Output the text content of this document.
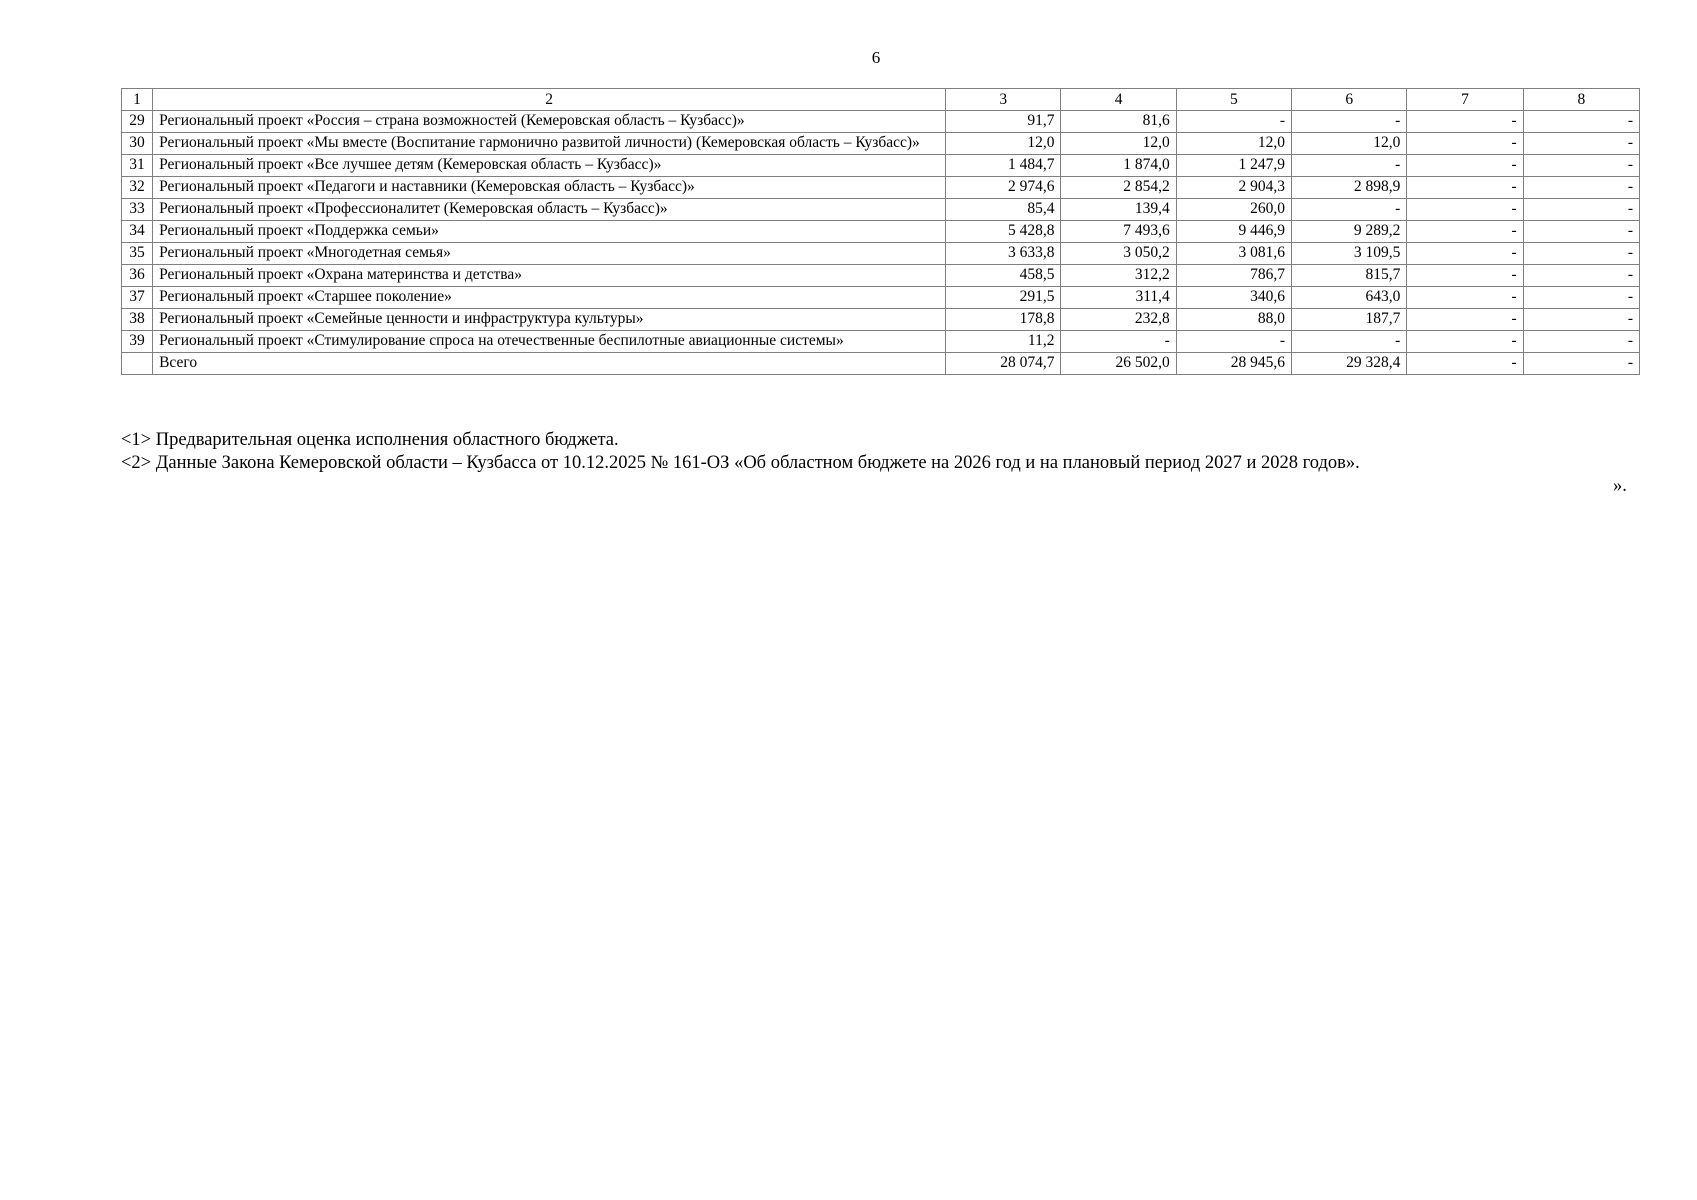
6
1	2	3	4	5	6	7	8
29	Региональный проект «Россия – страна возможностей (Кемеровская область – Кузбасс)»	91,7	81,6	-	-	-	-
30	Региональный проект «Мы вместе (Воспитание гармонично развитой личности) (Кемеровская область – Кузбасс)»	12,0	12,0	12,0	12,0	-	-
31	Региональный проект «Все лучшее детям (Кемеровская область – Кузбасс)»	1 484,7	1 874,0	1 247,9	-	-	-
32	Региональный проект «Педагоги и наставники (Кемеровская область – Кузбасс)»	2 974,6	2 854,2	2 904,3	2 898,9	-	-
33	Региональный проект «Профессионалитет (Кемеровская область – Кузбасс)»	85,4	139,4	260,0	-	-	-
34	Региональный проект «Поддержка семьи»	5 428,8	7 493,6	9 446,9	9 289,2	-	-
35	Региональный проект «Многодетная семья»	3 633,8	3 050,2	3 081,6	3 109,5	-	-
36	Региональный проект «Охрана материнства и детства»	458,5	312,2	786,7	815,7	-	-
37	Региональный проект «Старшее поколение»	291,5	311,4	340,6	643,0	-	-
38	Региональный проект «Семейные ценности и инфраструктура культуры»	178,8	232,8	88,0	187,7	-	-
39	Региональный проект «Стимулирование спроса на отечественные беспилотные авиационные системы»	11,2	-	-	-	-	-
	Всего	28 074,7	26 502,0	28 945,6	29 328,4	-	-

<1> Предварительная оценка исполнения областного бюджета.

<2> Данные Закона Кемеровской области – Кузбасса от 10.12.2025 № 161-ОЗ «Об областном бюджете на 2026 год и на плановый период 2027 и 2028 годов».

».
